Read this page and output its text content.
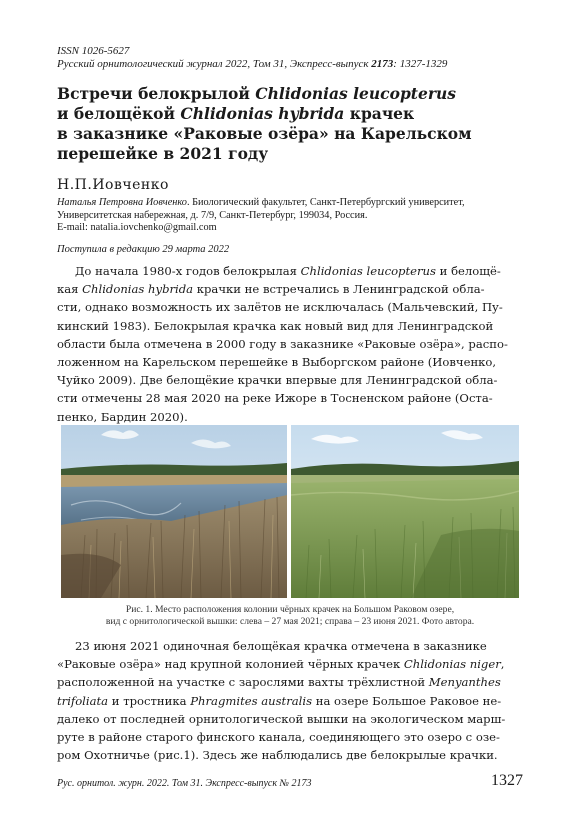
ISSN 1026-5627
Русский орнитологический журнал 2022, Том 31, Экспресс-выпуск 2173: 1327-1329
Встречи белокрылой Chlidonias leucopterus
и белощёкой Chlidonias hybrida крачек
в заказнике «Раковые озёра» на Карельском
перешейке в 2021 году
Н.П.Иовченко
Наталья Петровна Иовченко. Биологический факультет, Санкт-Петербургский университет,
Университетская набережная, д. 7/9, Санкт-Петербург, 199034, Россия.
E-mail: natalia.iovchenko@gmail.com
Поступила в редакцию 29 марта 2022
До начала 1980-х годов белокрылая Chlidonias leucopterus и белощё-
кая Chlidonias hybrida крачки не встречались в Ленинградской обла-
сти, однако возможность их залётов не исключалась (Мальчевский, Пу-
кинский 1983). Белокрылая крачка как новый вид для Ленинградской
области была отмечена в 2000 году в заказнике «Раковые озёра», распо-
ложенном на Карельском перешейке в Выборгском районе (Иовченко,
Чуйко 2009). Две белощёкие крачки впервые для Ленинградской обла-
сти отмечены 28 мая 2020 на реке Ижоре в Тосненском районе (Оста-
пенко, Бардин 2020).
Рис. 1. Место расположения колонии чёрных крачек на Большом Раковом озере,
вид с орнитологической вышки: слева – 27 мая 2021; справа – 23 июня 2021. Фото автора.
23 июня 2021 одиночная белощёкая крачка отмечена в заказнике
«Раковые озёра» над крупной колонией чёрных крачек Chlidonias niger,
расположенной на участке с зарослями вахты трёхлистной Menyanthes
trifoliata и тростника Phragmites australis на озере Большое Раковое не-
далеко от последней орнитологической вышки на экологическом марш-
руте в районе старого финского канала, соединяющего это озеро с озе-
ром Охотничье (рис.1). Здесь же наблюдались две белокрылые крачки.
Рус. орнитол. журн. 2022. Том 31. Экспресс-выпуск № 2173	1327
